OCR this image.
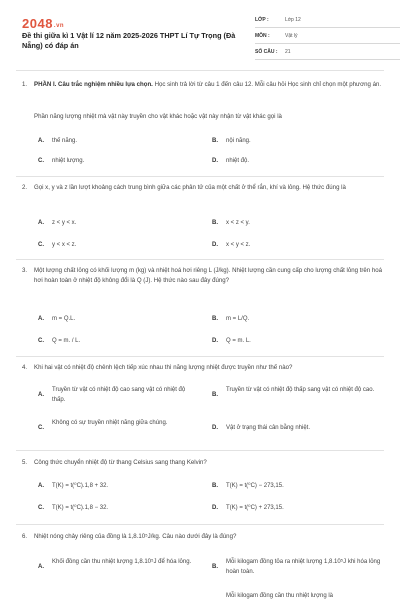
2048.vn
Đề thi giữa kì 1 Vật lí 12 năm 2025-2026 THPT Lí Tự Trọng (Đà Nẵng) có đáp án
LỚP :	Lớp 12
MÔN :	Vật lý
SỐ CÂU :	21
1. PHẦN I. Câu trắc nghiệm nhiều lựa chọn. Học sinh trả lời từ câu 1 đến câu 12. Mỗi câu hỏi Học sinh chỉ chọn một phương án.
Phần năng lượng nhiệt mà vật này truyền cho vật khác hoặc vật này nhận từ vật khác gọi là
A. thế năng.	B. nội năng.
C. nhiệt lượng.	D. nhiệt độ.
2. Gọi x, y và z lần lượt khoảng cách trung bình giữa các phân tử của một chất ở thể rắn, khí và lỏng. Hệ thức đúng là
A. z < y < x.	B. x < z < y.
C. y < x < z.	D. x < y < z.
3. Một lượng chất lỏng có khối lượng m (kg) và nhiệt hoá hơi riêng L (J/kg). Nhiệt lượng cần cung cấp cho lượng chất lỏng trên hoá hơi hoàn toàn ở nhiệt độ không đổi là Q (J). Hệ thức nào sau đây đúng?
A. m = Q.L.	B. m = L/Q.
C. Q = m. / L.	D. Q = m. L.
4. Khi hai vật có nhiệt độ chênh lệch tiếp xúc nhau thì năng lượng nhiệt được truyền như thế nào?
A.
Truyền từ vật có nhiệt độ cao sang vật có nhiệt độ thấp.
B.
Truyền từ vật có nhiệt độ thấp sang vật có nhiệt độ cao.
C.
Không có sự truyền nhiệt năng giữa chúng.
D. Vật ở trạng thái cân bằng nhiệt.
5. Công thức chuyển nhiệt độ từ thang Celsius sang thang Kelvin?
A. T(K) = t(⁰C).1,8 + 32.	B. T(K) = t(⁰C) − 273,15.
C. T(K) = t(⁰C).1,8 − 32.	D. T(K) = t(⁰C) + 273,15.
6. Nhiệt nóng chảy riêng của đồng là 1,8.10⁵J/kg. Câu nào dưới đây là đúng?
A.
Khối đồng cần thu nhiệt lượng 1,8.10⁵J để hóa lỏng.
B.
Mỗi kilogam đồng tỏa ra nhiệt lượng 1,8.10⁵J khi hóa lỏng hoàn toàn.
Mỗi kilogam đồng cần thu nhiệt lượng là
